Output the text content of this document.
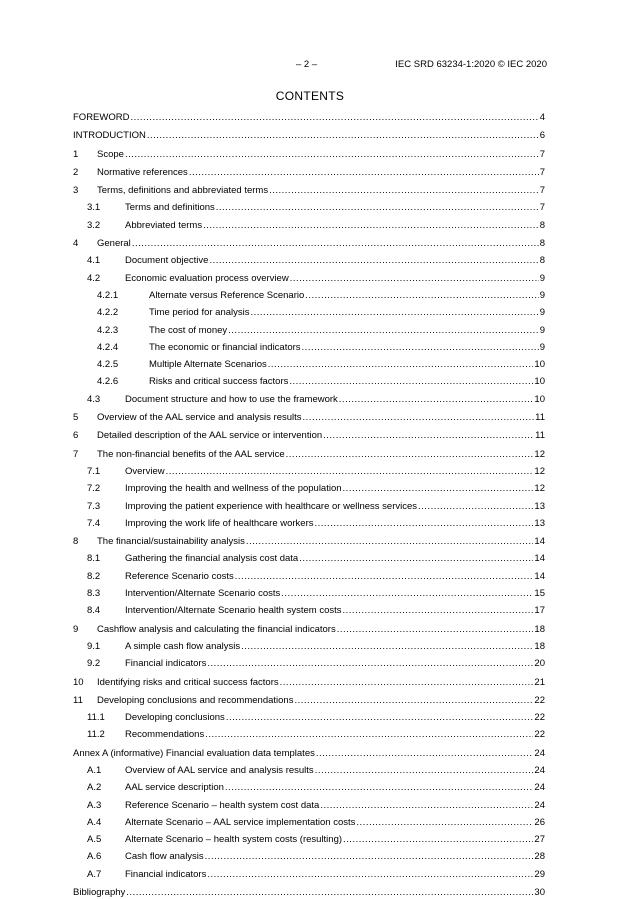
– 2 –	IEC SRD 63234-1:2020 © IEC 2020
CONTENTS
FOREWORD .....	4
INTRODUCTION .....	6
1	Scope .....	7
2	Normative references .....	7
3	Terms, definitions and abbreviated terms .....	7
3.1	Terms and definitions .....	7
3.2	Abbreviated terms .....	8
4	General .....	8
4.1	Document objective .....	8
4.2	Economic evaluation process overview .....	9
4.2.1	Alternate versus Reference Scenario .....	9
4.2.2	Time period for analysis .....	9
4.2.3	The cost of money .....	9
4.2.4	The economic or financial indicators .....	9
4.2.5	Multiple Alternate Scenarios .....	10
4.2.6	Risks and critical success factors .....	10
4.3	Document structure and how to use the framework .....	10
5	Overview of the AAL service and analysis results .....	11
6	Detailed description of the AAL service or intervention .....	11
7	The non-financial benefits of the AAL service .....	12
7.1	Overview .....	12
7.2	Improving the health and wellness of the population .....	12
7.3	Improving the patient experience with healthcare or wellness services .....	13
7.4	Improving the work life of healthcare workers .....	13
8	The financial/sustainability analysis .....	14
8.1	Gathering the financial analysis cost data .....	14
8.2	Reference Scenario costs .....	14
8.3	Intervention/Alternate Scenario costs .....	15
8.4	Intervention/Alternate Scenario health system costs .....	17
9	Cashflow analysis and calculating the financial indicators .....	18
9.1	A simple cash flow analysis .....	18
9.2	Financial indicators .....	20
10	Identifying risks and critical success factors .....	21
11	Developing conclusions and recommendations .....	22
11.1	Developing conclusions .....	22
11.2	Recommendations .....	22
Annex A (informative) Financial evaluation data templates .....	24
A.1	Overview of AAL service and analysis results .....	24
A.2	AAL service description .....	24
A.3	Reference Scenario – health system cost data .....	24
A.4	Alternate Scenario – AAL service implementation costs .....	26
A.5	Alternate Scenario – health system costs (resulting) .....	27
A.6	Cash flow analysis .....	28
A.7	Financial indicators .....	29
Bibliography .....	30
